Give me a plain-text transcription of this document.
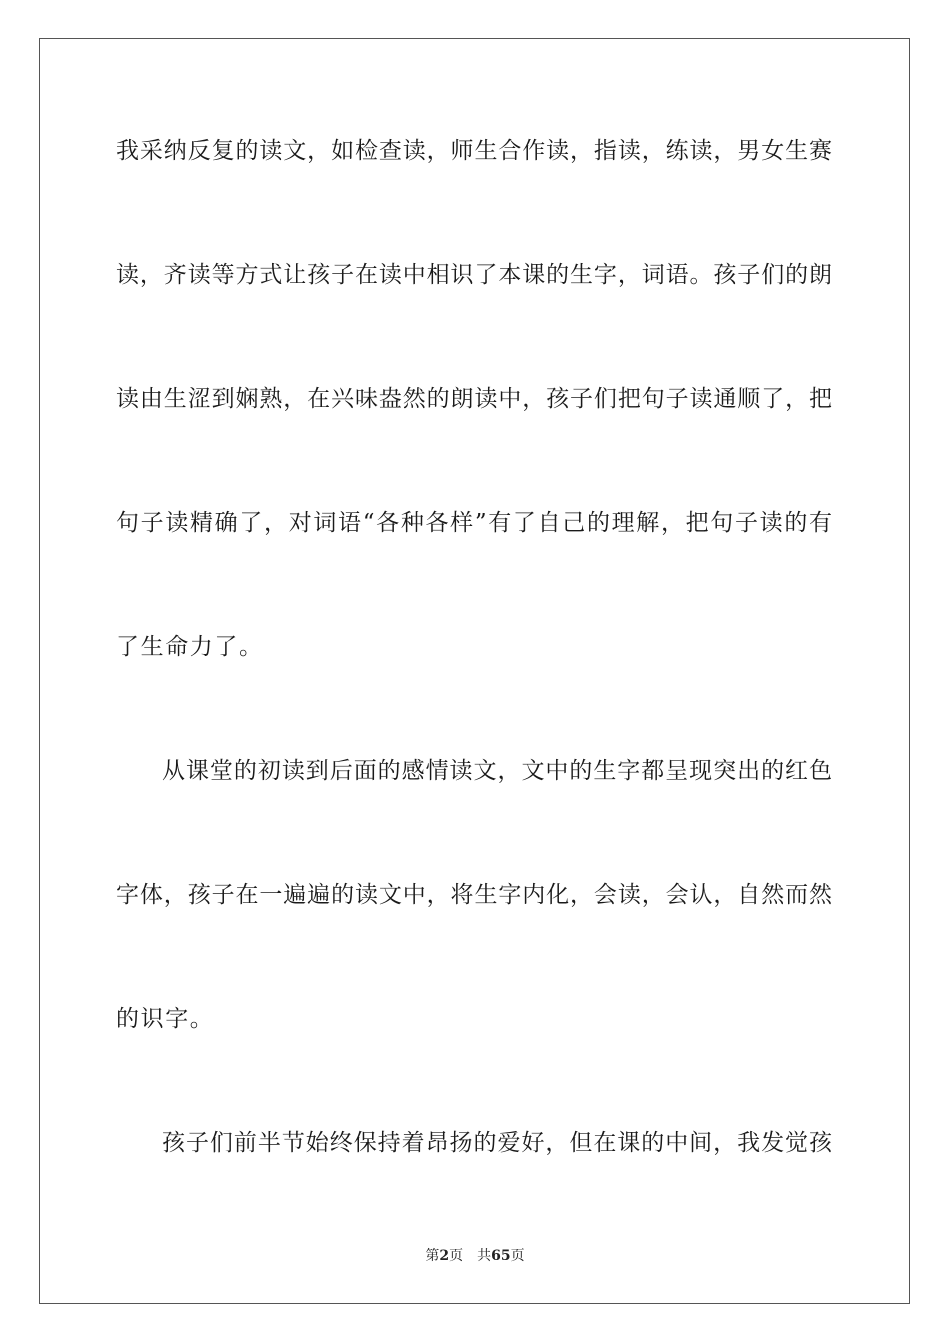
我采纳反复的读文，如检查读，师生合作读，指读，练读，男女生赛
读，齐读等方式让孩子在读中相识了本课的生字，词语。孩子们的朗
读由生涩到娴熟，在兴味盎然的朗读中，孩子们把句子读通顺了，把
句子读精确了，对词语“各种各样”有了自己的理解，把句子读的有
了生命力了。
从课堂的初读到后面的感情读文，文中的生字都呈现突出的红色
字体，孩子在一遍遍的读文中，将生字内化，会读，会认，自然而然
的识字。
孩子们前半节始终保持着昂扬的爱好，但在课的中间，我发觉孩
第2页 共65页
